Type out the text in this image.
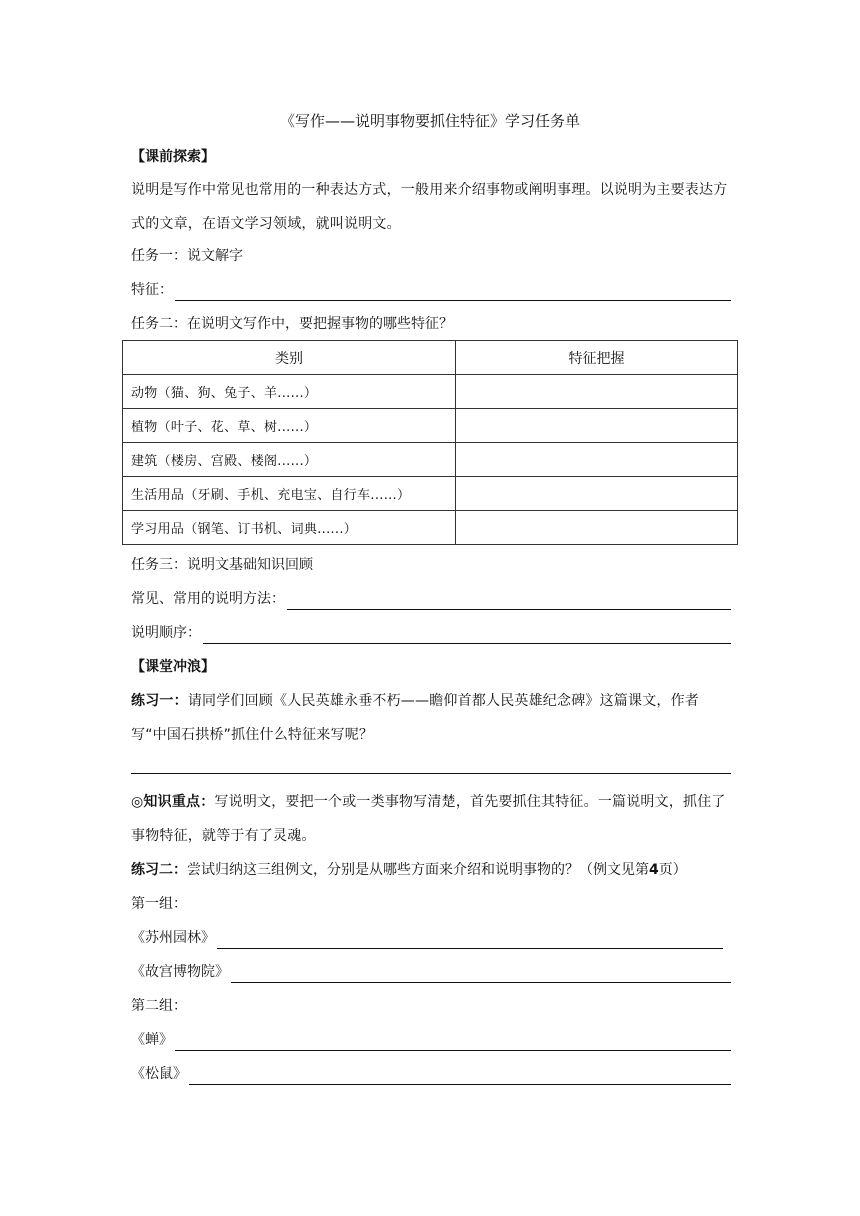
《写作——说明事物要抓住特征》学习任务单
【课前探索】
说明是写作中常见也常用的一种表达方式，一般用来介绍事物或阐明事理。以说明为主要表达方式的文章，在语文学习领域，就叫说明文。
任务一：说文解字
特征：
任务二：在说明文写作中，要把握事物的哪些特征？
类别	特征把握
动物（猫、狗、兔子、羊......）	
植物（叶子、花、草、树......）	
建筑（楼房、宫殿、楼阁......）	
生活用品（牙刷、手机、充电宝、自行车......）	
学习用品（钢笔、订书机、词典......）	
任务三：说明文基础知识回顾
常见、常用的说明方法：
说明顺序：
【课堂冲浪】
练习一：请同学们回顾《人民英雄永垂不朽——瞻仰首都人民英雄纪念碑》这篇课文，作者写“中国石拱桥”抓住什么特征来写呢？
◎知识重点：写说明文，要把一个或一类事物写清楚，首先要抓住其特征。一篇说明文，抓住了事物特征，就等于有了灵魂。
练习二：尝试归纳这三组例文，分别是从哪些方面来介绍和说明事物的？（例文见第4页）
第一组：
《苏州园林》
《故宫博物院》
第二组：
《蝉》
《松鼠》
